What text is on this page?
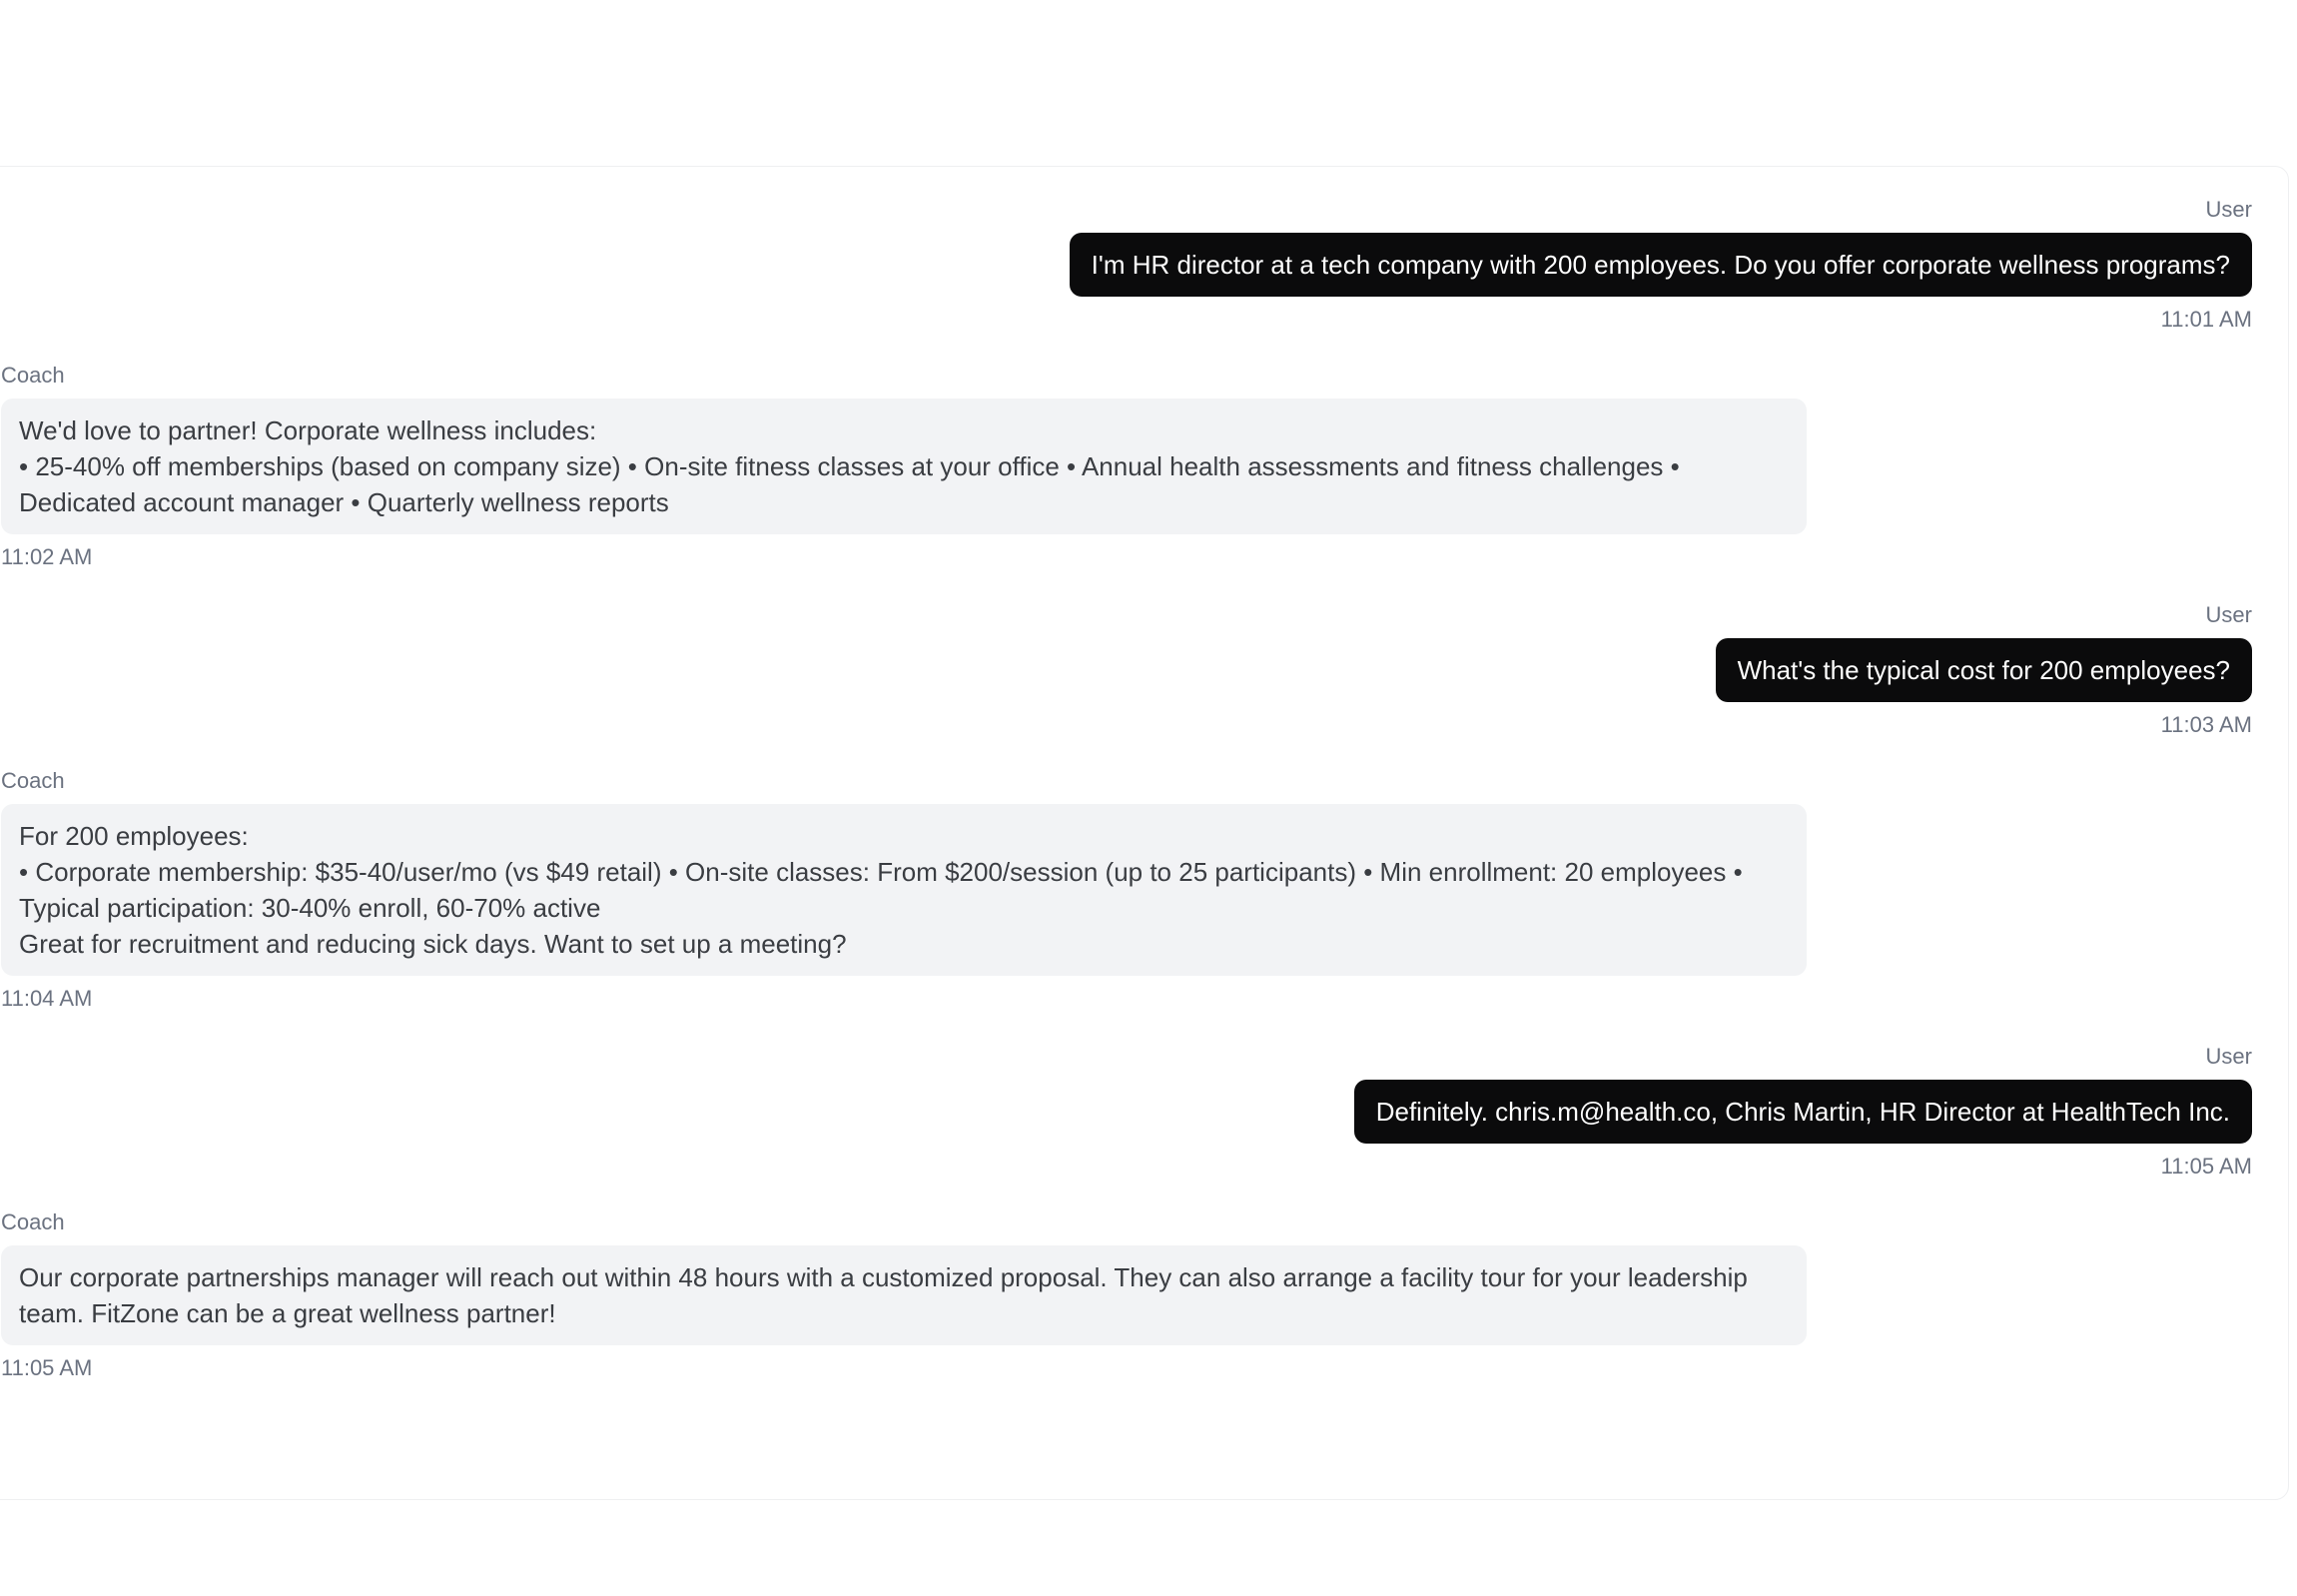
User
I'm HR director at a tech company with 200 employees. Do you offer corporate wellness programs?
11:01 AM
Coach
We'd love to partner! Corporate wellness includes:
• 25-40% off memberships (based on company size) • On-site fitness classes at your office • Annual health assessments and fitness challenges • Dedicated account manager • Quarterly wellness reports
11:02 AM
User
What's the typical cost for 200 employees?
11:03 AM
Coach
For 200 employees:
• Corporate membership: $35-40/user/mo (vs $49 retail) • On-site classes: From $200/session (up to 25 participants) • Min enrollment: 20 employees • Typical participation: 30-40% enroll, 60-70% active
Great for recruitment and reducing sick days. Want to set up a meeting?
11:04 AM
User
Definitely. chris.m@health.co, Chris Martin, HR Director at HealthTech Inc.
11:05 AM
Coach
Our corporate partnerships manager will reach out within 48 hours with a customized proposal. They can also arrange a facility tour for your leadership team. FitZone can be a great wellness partner!
11:05 AM
